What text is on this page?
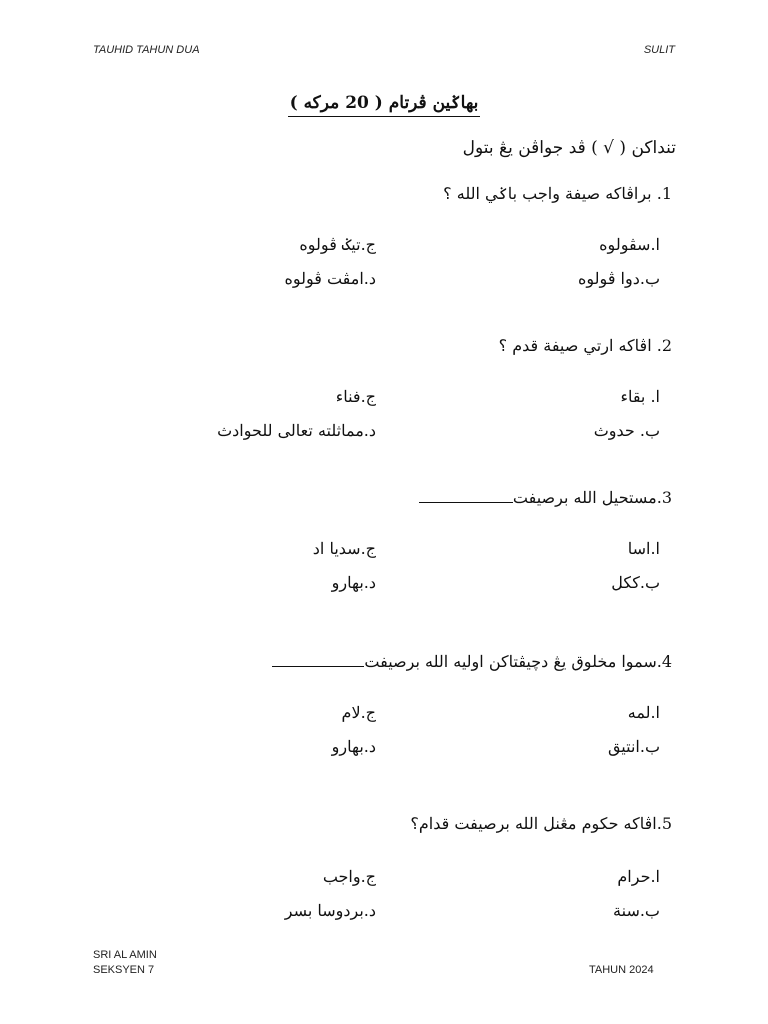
TAUHID TAHUN DUA	SULIT
بهاݢين ڤرتام ( 20 مركه )
تنداكن ( √ ) ڤد جواڤن يڠ بتول
1. براڤاكه صيفة واجب باݢي الله ؟
ا.سڤولوه
ج.تيݢ ڤولوه
ب.دوا ڤولوه
د.امڤت ڤولوه
2. اڤاكه ارتي صيفة قدم ؟
ا. بقاء
ج.فناء
ب. حدوث
د.مماثلته تعالى للحوادث
3.مستحيل الله برصيفت
ا.اسا
ج.سديا اد
ب.ككل
د.بهارو
4.سموا مخلوق يڠ دچيڤتاكن اوليه الله برصيفت
ا.لمه
ج.لام
ب.انتيق
د.بهارو
5.اڤاكه حكوم مڠنل الله برصيفت قدام؟
ا.حرام
ج.واجب
ب.سنة
د.بردوسا بسر
SRI AL AMIN
SEKSYEN 7	TAHUN 2024
